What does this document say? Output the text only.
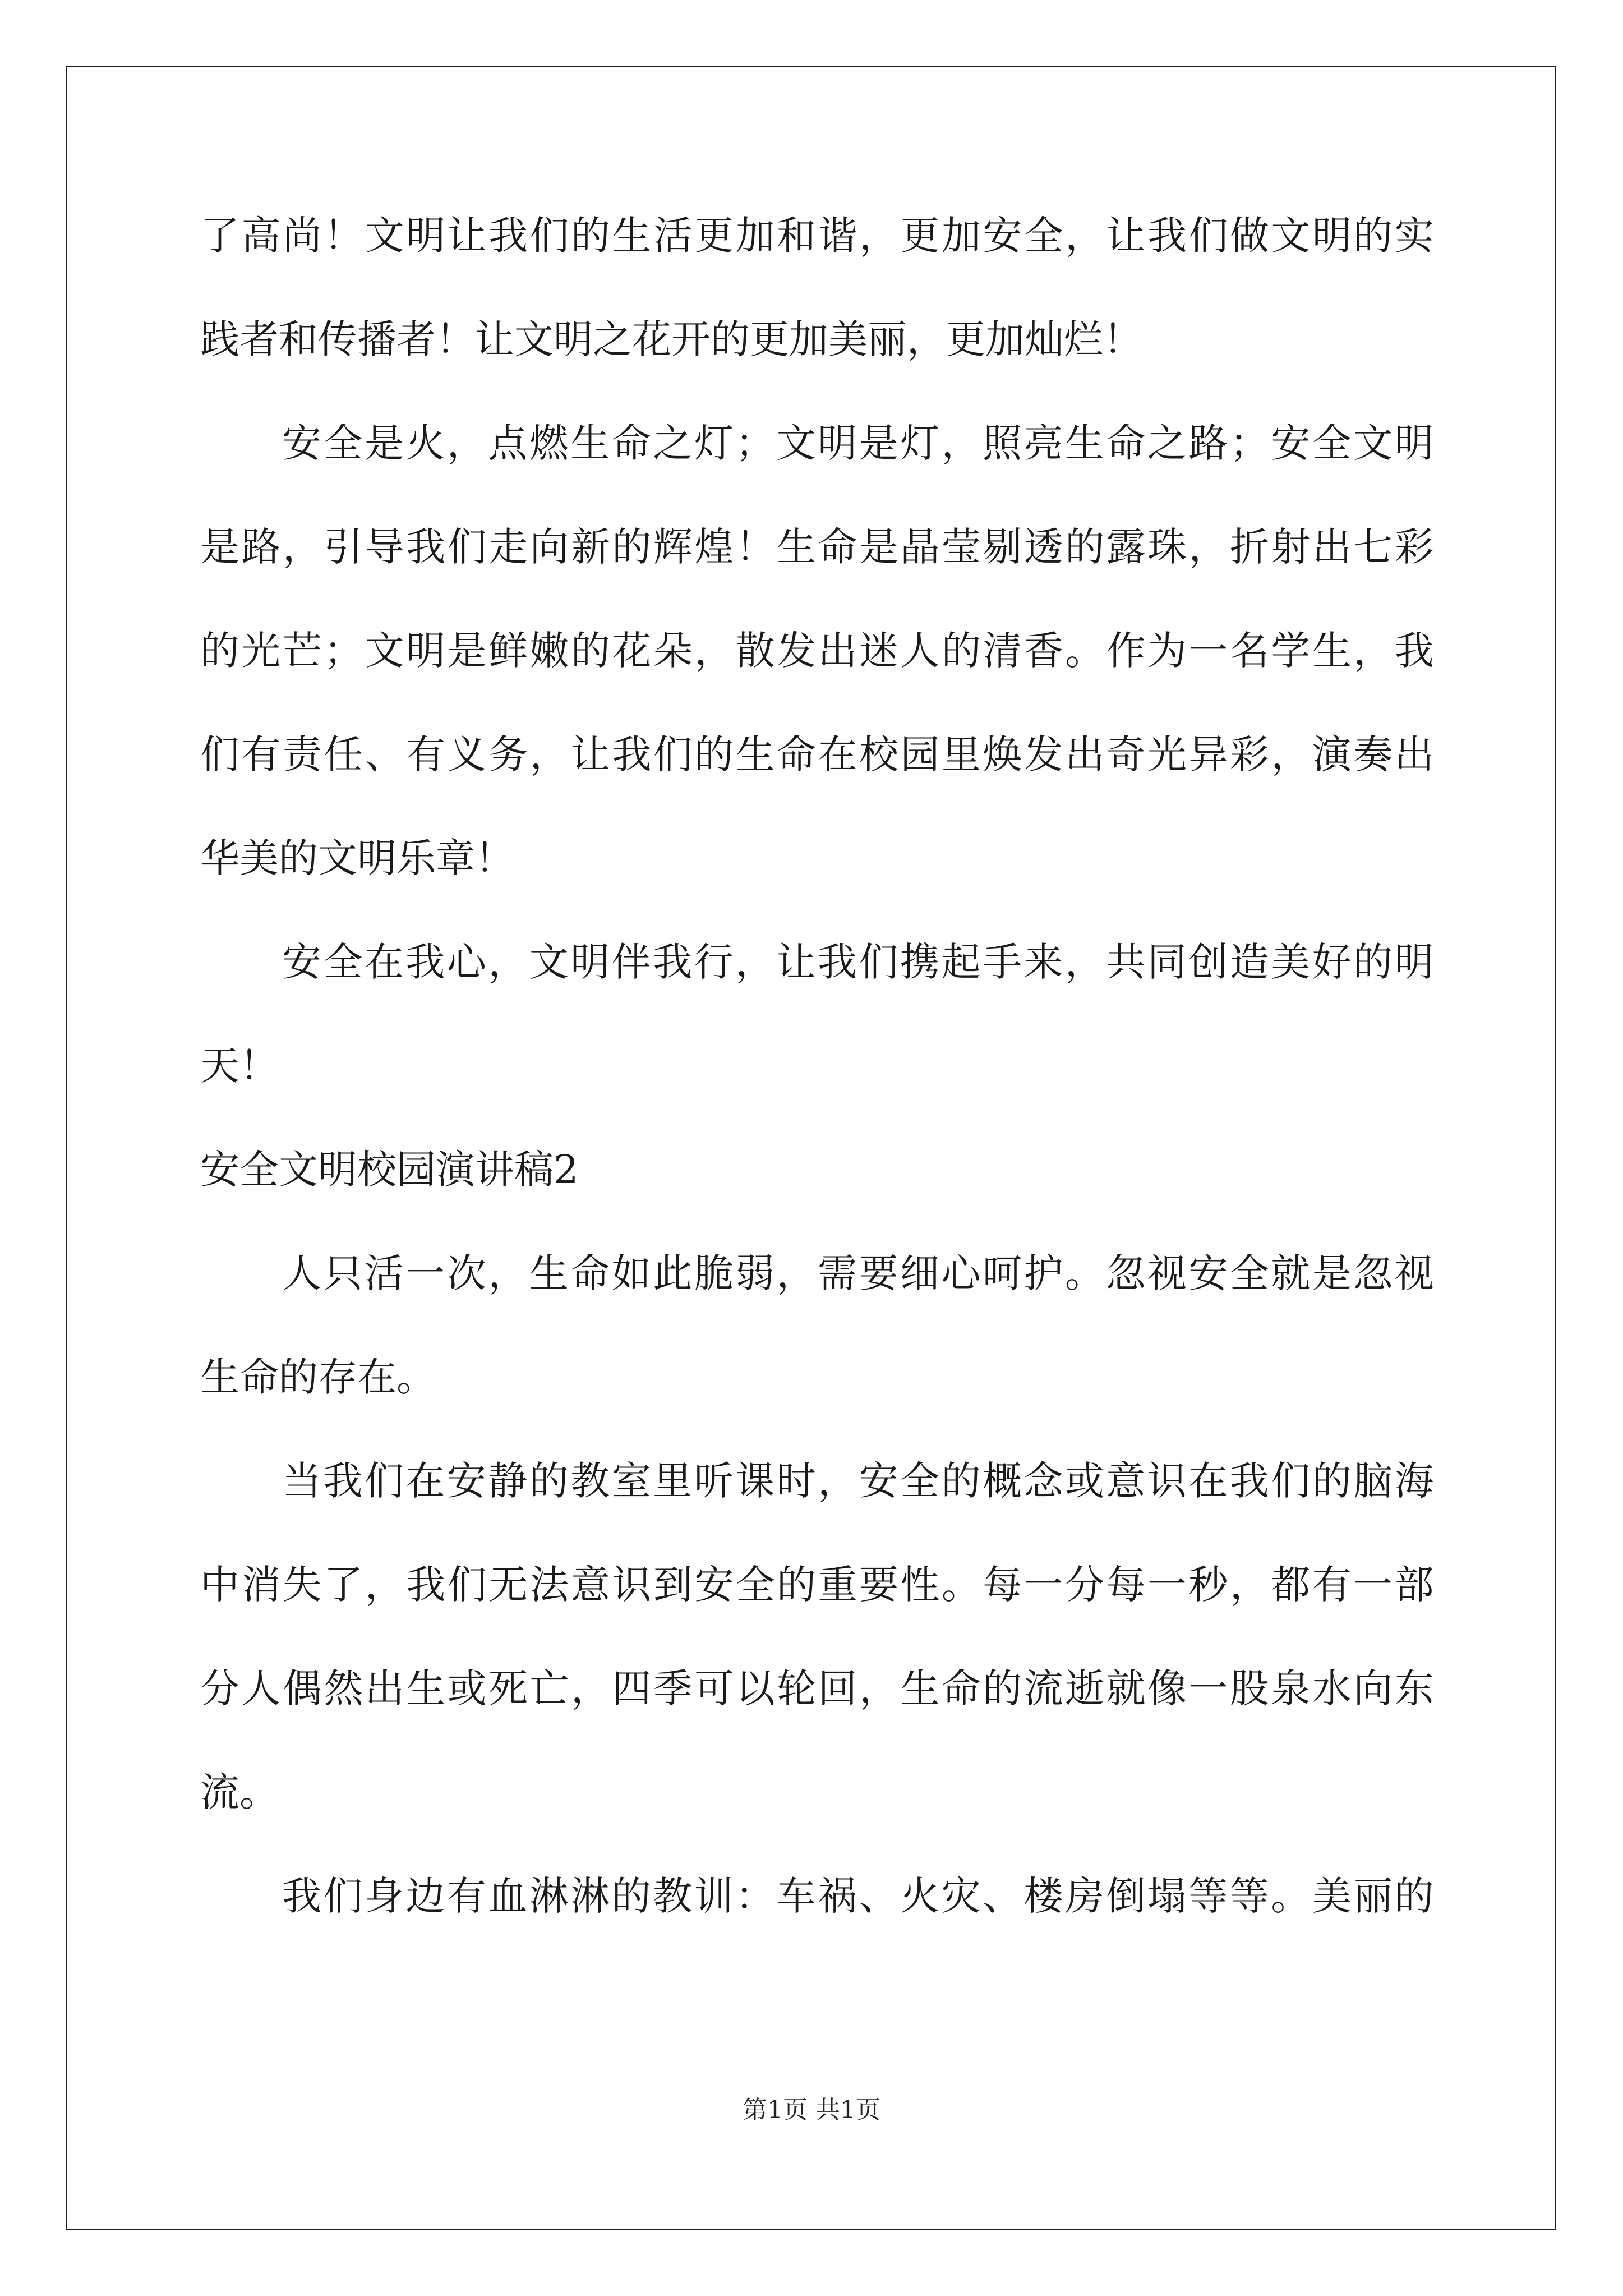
了 高 尚 ！ 文 明 让 我 们 的 生 活 更 加 和 谐 ， 更 加 安 全 ， 让 我 们 做 文 明 的 实
践者和传播者！让文明之花开的更加美丽，更加灿烂！
安 全 是 火 ， 点 燃 生 命 之 灯 ； 文 明 是 灯 ， 照 亮 生 命 之 路 ； 安 全 文 明
是 路 ， 引 导 我 们 走 向 新 的 辉 煌 ！ 生 命 是 晶 莹 剔 透 的 露 珠 ， 折 射 出 七 彩
的 光 芒 ； 文 明 是 鲜 嫩 的 花 朵 ， 散 发 出 迷 人 的 清 香 。 作 为 一 名 学 生 ， 我
们 有 责 任 、 有 义 务 ， 让 我 们 的 生 命 在 校 园 里 焕 发 出 奇 光 异 彩 ， 演 奏 出
华美的文明乐章！
安 全 在 我 心 ， 文 明 伴 我 行 ， 让 我 们 携 起 手 来 ， 共 同 创 造 美 好 的 明
天！
安全文明校园演讲稿2
人 只 活 一 次 ， 生 命 如 此 脆 弱 ， 需 要 细 心 呵 护 。 忽 视 安 全 就 是 忽 视
生命的存在。
当 我 们 在 安 静 的 教 室 里 听 课 时 ， 安 全 的 概 念 或 意 识 在 我 们 的 脑 海
中 消 失 了 ， 我 们 无 法 意 识 到 安 全 的 重 要 性 。 每 一 分 每 一 秒 ， 都 有 一 部
分 人 偶 然 出 生 或 死 亡 ， 四 季 可 以 轮 回 ， 生 命 的 流 逝 就 像 一 股 泉 水 向 东
流。
我 们 身 边 有 血 淋 淋 的 教 训 ： 车 祸 、 火 灾 、 楼 房 倒 塌 等 等 。 美 丽 的
第1页 共1页
